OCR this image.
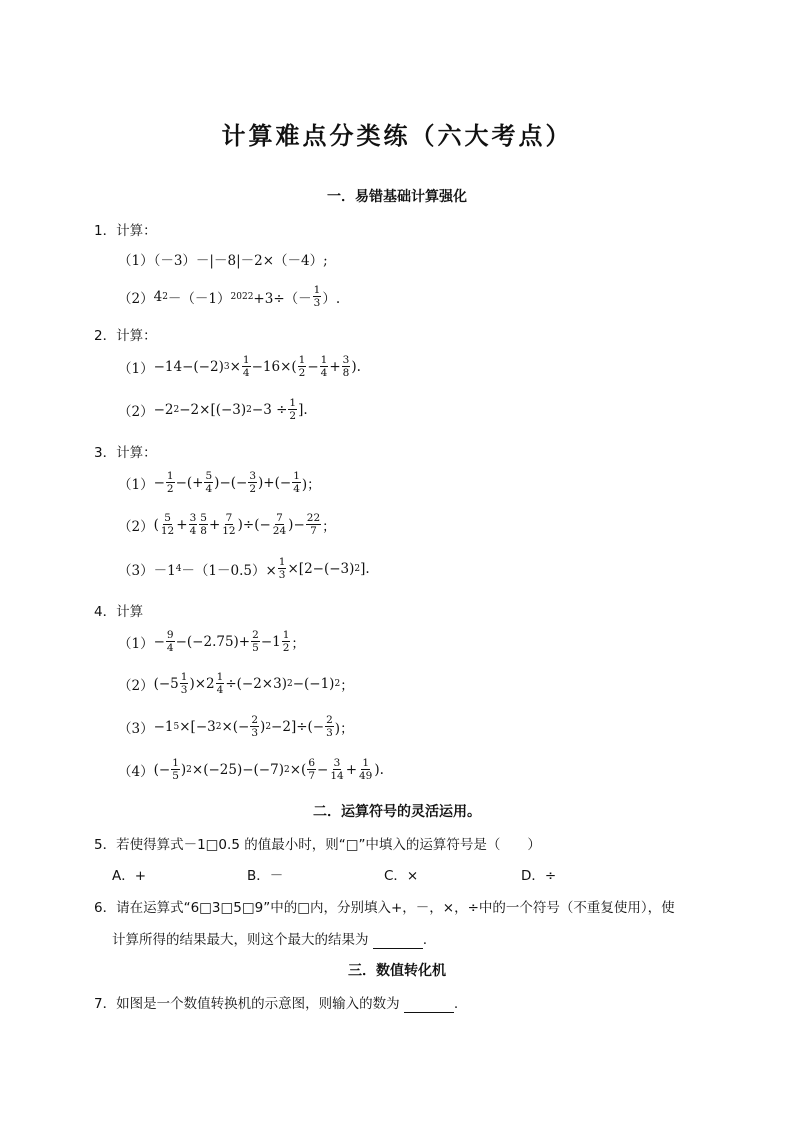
计算难点分类练（六大考点）
一．易错基础计算强化
1．计算：
（1）（－3）－|－8|－2×（－4）;
（2） 4 2 －（－1） $2022 +3\div(- \frac{1}{3}$ ）.
2．计算：
（1） −14 −(−2) $3 \times \frac{1}{4} -16\times( \frac{1}{2} - \frac{1}{4} + \frac{3}{8}$ ).
（2） −2 2 −2×[(−3) $2 -3 \div \frac{1}{2}$ ].
3．计算：
$(1) - \frac{1}{2}$ −(+ $\frac{5}{4}$ )−(− $\frac{3}{2}$ )+(− $\frac{1}{4}$ )；
（2） ( $\frac{5}{12} + \frac{3}{4} \frac{5}{8} + \frac{7}{12}$ )÷(− $\frac{7}{24}$ )− $\frac{22}{7}$ ；
（3） －1 $4 -(1-0.5)\times \frac{1}{3} \times[2-(-3)$ 2 ].
4．计算
$(1) - \frac{9}{4} -(-2.75)+ \frac{2}{5} -1 \frac{1}{2}$ ；
（2） $(-5 \frac{1}{3} )\times 2 \frac{1}{4} \div(-2\times 3)$ 2 −(−1) 2 ；
（3） −1 5 ×[−3 2 ×(− $\frac{2}{3}$ ) $2 -2]\div(- \frac{2}{3}$ )；
（4） (− $\frac{1}{5}$ ) 2 ×(−25)−(−7) 2 ×( $\frac{6}{7} - \frac{3}{14} + \frac{1}{49}$ ).
二．运算符号的灵活运用。
5．若使得算式－1□0.5 的值最小时，则“□”中填入的运算符号是（　　）
A．+	B．－	C．×	D．÷
6．请在运算式“6□3□5□9”中的□内，分别填入+，－，×，÷中的一个符号（不重复使用），使
计算所得的结果最大，则这个最大的结果为	.
三．数值转化机
7．如图是一个数值转换机的示意图，则输入的数为	.
